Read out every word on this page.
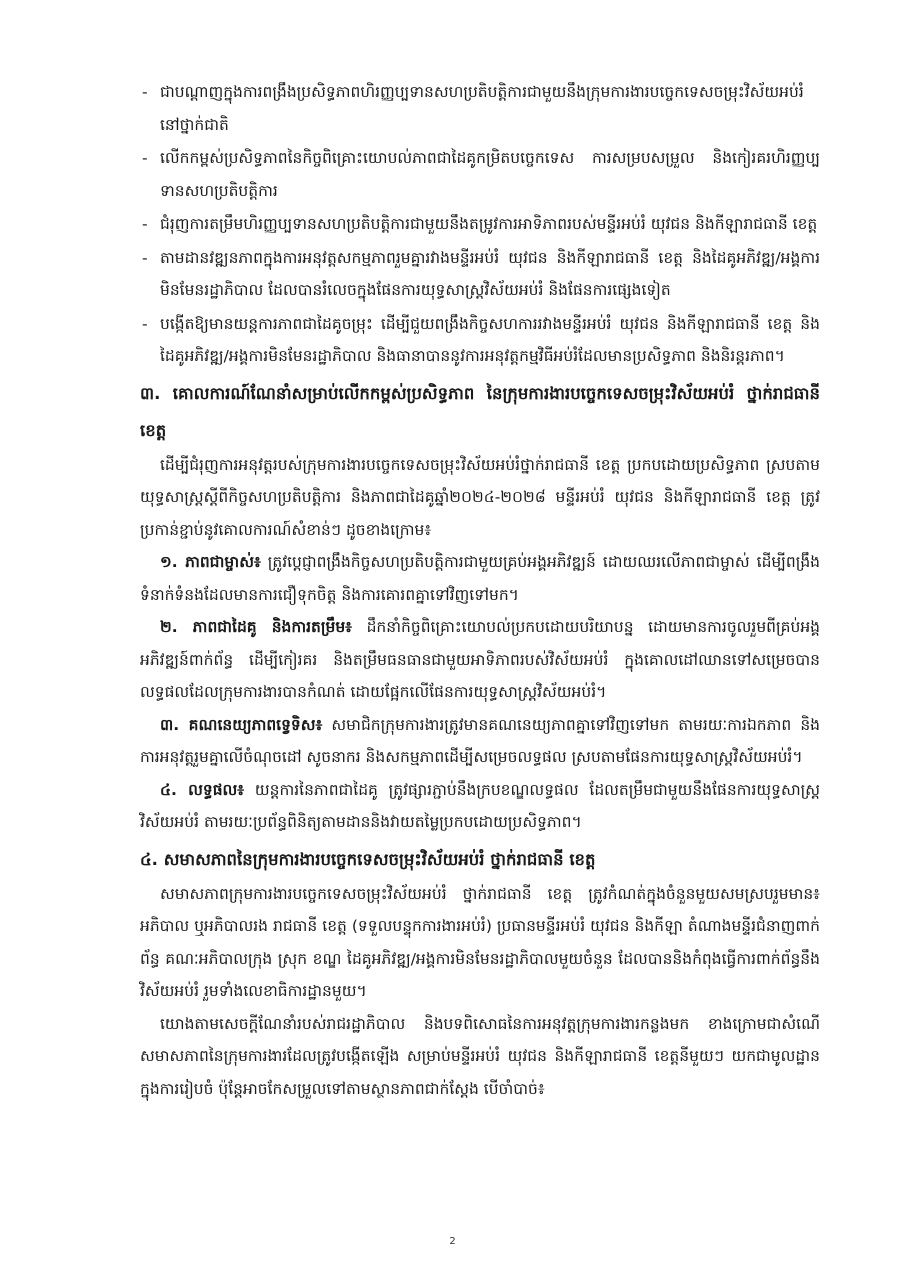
- ជាបណ្ដាញក្នុងការពង្រឹងប្រសិទ្ធភាពហិរញ្ញប្បទានសហប្រតិបត្តិការជាមួយនឹងក្រុមការងារបច្ចេកទេសចម្រុះវិស័យអប់រំនៅថ្នាក់ជាតិ
- លើកកម្ពស់ប្រសិទ្ធភាពនៃកិច្ចពិគ្រោះយោបល់ភាពជាដៃគូកម្រិតបច្ចេកទេស ការសម្របសម្រួល និងកៀរគរហិរញ្ញប្បទានសហប្រតិបត្តិការ
- ជំរុញការតម្រឹមហិរញ្ញប្បទានសហប្រតិបត្តិការជាមួយនឹងតម្រូវការអាទិភាពរបស់មន្ទីរអប់រំ យុវជន និងកីឡារាជធានី ខេត្ត
- តាមដានវឌ្ឍនភាពក្នុងការអនុវត្តសកម្មភាពរួមគ្នារវាងមន្ទីរអប់រំ យុវជន និងកីឡារាជធានី ខេត្ត និងដៃគូអភិវឌ្ឍ/អង្គការមិនមែនរដ្ឋាភិបាល ដែលបានរំលេចក្នុងផែនការយុទ្ធសាស្ត្រវិស័យអប់រំ និងផែនការផ្សេងទៀត
- បង្កើតឱ្យមានយន្តការភាពជាដៃគូចម្រុះ ដើម្បីជួយពង្រឹងកិច្ចសហការរវាងមន្ទីរអប់រំ យុវជន និងកីឡារាជធានី ខេត្ត និងដៃគូអភិវឌ្ឍ/អង្គការមិនមែនរដ្ឋាភិបាល និងធានាបាននូវការអនុវត្តកម្មវិធីអប់រំដែលមានប្រសិទ្ធភាព និងនិរន្តរភាព។
៣. គោលការណ៍ណែនាំសម្រាប់លើកកម្ពស់ប្រសិទ្ធភាព នៃក្រុមការងារបច្ចេកទេសចម្រុះវិស័យអប់រំ ថ្នាក់រាជធានី ខេត្ត

ដើម្បីជំរុញការអនុវត្តរបស់ក្រុមការងារបច្ចេកទេសចម្រុះវិស័យអប់រំថ្នាក់រាជធានី ខេត្ត ប្រកបដោយប្រសិទ្ធភាព ស្របតាមយុទ្ធសាស្ត្រស្ដីពីកិច្ចសហប្រតិបត្តិការ និងភាពជាដៃគូឆ្នាំ២០២៤-២០២៨ មន្ទីរអប់រំ យុវជន និងកីឡារាជធានី ខេត្ត ត្រូវប្រកាន់ខ្ជាប់នូវគោលការណ៍សំខាន់ៗ ដូចខាងក្រោម៖

១. ភាពជាម្ចាស់៖ ត្រូវប្ដេជ្ញាពង្រឹងកិច្ចសហប្រតិបត្តិការជាមួយគ្រប់អង្គអភិវឌ្ឍន៍ ដោយឈរលើភាពជាម្ចាស់ ដើម្បីពង្រឹងទំនាក់ទំនងដែលមានការជឿទុកចិត្ត និងការគោរពគ្នាទៅវិញទៅមក។

២. ភាពជាដៃគូ និងការតម្រឹម៖ ដឹកនាំកិច្ចពិគ្រោះយោបល់ប្រកបដោយបរិយាបន្ន ដោយមានការចូលរួមពីគ្រប់អង្គអភិវឌ្ឍន៍ពាក់ព័ន្ធ ដើម្បីកៀរគរ និងតម្រឹមធនធានជាមួយអាទិភាពរបស់វិស័យអប់រំ ក្នុងគោលដៅឈានទៅសម្រេចបានលទ្ធផលដែលក្រុមការងារបានកំណត់ ដោយផ្អែកលើផែនការយុទ្ធសាស្ត្រវិស័យអប់រំ។

៣. គណនេយ្យភាពទ្វេទិស៖ សមាជិកក្រុមការងារត្រូវមានគណនេយ្យភាពគ្នាទៅវិញទៅមក តាមរយៈការឯកភាព និងការអនុវត្តរួមគ្នាលើចំណុចដៅ សូចនាករ និងសកម្មភាពដើម្បីសម្រេចលទ្ធផល ស្របតាមផែនការយុទ្ធសាស្ត្រវិស័យអប់រំ។

៤. លទ្ធផល៖ យន្តការនៃភាពជាដៃគូ ត្រូវផ្សារភ្ជាប់នឹងក្របខណ្ឌលទ្ធផល ដែលតម្រឹមជាមួយនឹងផែនការយុទ្ធសាស្ត្រវិស័យអប់រំ តាមរយៈប្រព័ន្ធពិនិត្យតាមដាននិងវាយតម្លៃប្រកបដោយប្រសិទ្ធភាព។

៤. សមាសភាពនៃក្រុមការងារបច្ចេកទេសចម្រុះវិស័យអប់រំ ថ្នាក់រាជធានី ខេត្ត

សមាសភាពក្រុមការងារបច្ចេកទេសចម្រុះវិស័យអប់រំ ថ្នាក់រាជធានី ខេត្ត ត្រូវកំណត់ក្នុងចំនួនមួយសមស្របរួមមាន៖ អភិបាល ឬអភិបាលរង រាជធានី ខេត្ត (ទទួលបន្ទុកការងារអប់រំ) ប្រធានមន្ទីរអប់រំ យុវជន និងកីឡា តំណាងមន្ទីរជំនាញពាក់ព័ន្ធ គណៈអភិបាលក្រុង ស្រុក ខណ្ឌ ដៃគូអភិវឌ្ឍ/អង្គការមិនមែនរដ្ឋាភិបាលមួយចំនួន ដែលបាននិងកំពុងធ្វើការពាក់ព័ន្ធនឹងវិស័យអប់រំ រួមទាំងលេខាធិការដ្ឋានមួយ។

យោងតាមសេចក្ដីណែនាំរបស់រាជរដ្ឋាភិបាល និងបទពិសោធនៃការអនុវត្តក្រុមការងារកន្លងមក ខាងក្រោមជាសំណើសមាសភាពនៃក្រុមការងារដែលត្រូវបង្កើតឡើង សម្រាប់មន្ទីរអប់រំ យុវជន និងកីឡារាជធានី ខេត្តនីមួយៗ យកជាមូលដ្ឋានក្នុងការរៀបចំ ប៉ុន្តែអាចកែសម្រួលទៅតាមស្ថានភាពជាក់ស្ដែង បើចាំបាច់៖

2
